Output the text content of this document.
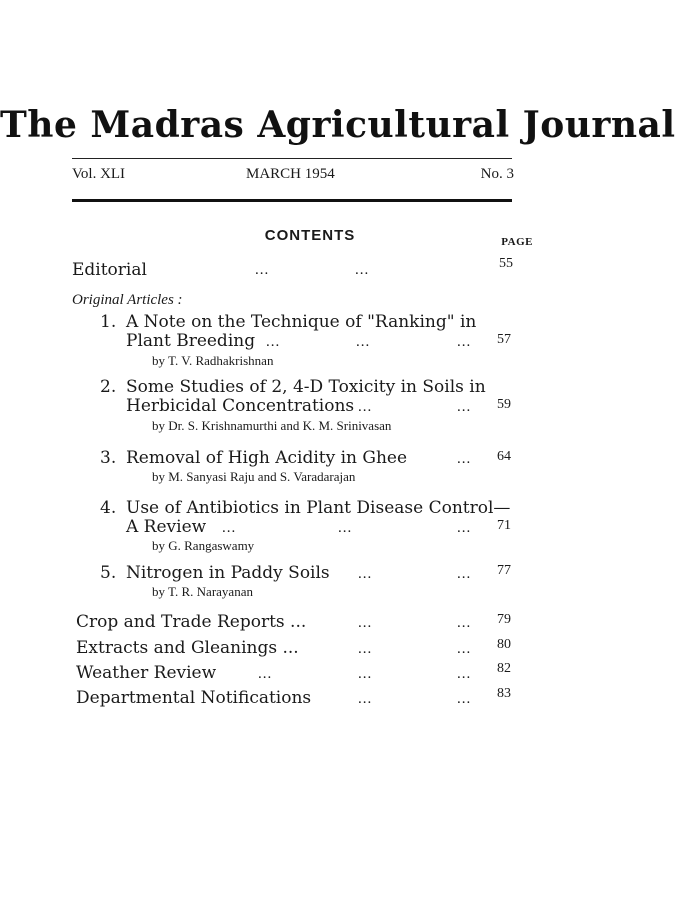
The Madras Agricultural Journal
Vol. XLI	MARCH 1954	No. 3
CONTENTS	PAGE
Editorial	...	...	55
Original Articles :
1. A Note on the Technique of "Ranking" in
Plant Breeding ...	...	...	57
by T. V. Radhakrishnan
2. Some Studies of 2, 4-D Toxicity in Soils in
Herbicidal Concentrations ...	...	59
by Dr. S. Krishnamurthi and K. M. Srinivasan
3. Removal of High Acidity in Ghee	...	64
by M. Sanyasi Raju and S. Varadarajan
4. Use of Antibiotics in Plant Disease Control—
A Review ...	...	...	71
by G. Rangaswamy
5. Nitrogen in Paddy Soils ...	...	77
by T. R. Narayanan
Crop and Trade Reports ...	...	...	79
Extracts and Gleanings ...	...	...	80
Weather Review	...	...	...	82
Departmental Notifications	...	...	83
